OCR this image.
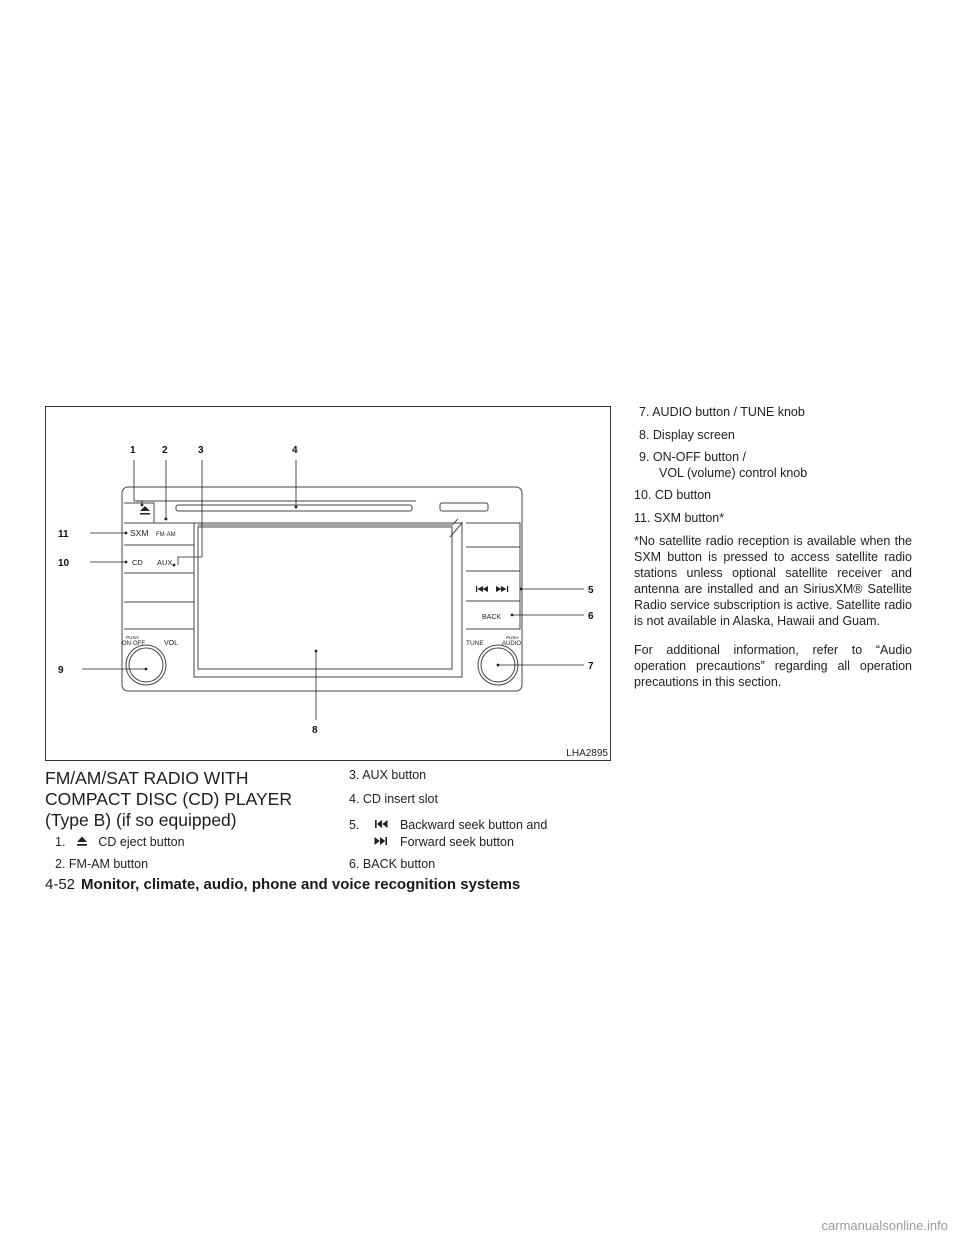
SXM FM·AM
CD AUX
BACK
PUSH
ON·OFF	VOL	TUNE
PUSH
AUDIO
1	2	3	4
5
6
7
8
9
10
11
LHA2895
FM/AM/SAT RADIO WITH
COMPACT DISC (CD) PLAYER
(Type B) (if so equipped)
1.	CD eject button
2. FM-AM button
3. AUX button
4. CD insert slot
5.	Backward seek button and
Forward seek button
6. BACK button
7. AUDIO button / TUNE knob
8. Display screen
9. ON-OFF button /
VOL (volume) control knob
10. CD button
11. SXM button*

*No satellite radio reception is available when the SXM button is pressed to access satellite radio stations unless optional satellite receiver and antenna are installed and an SiriusXM® Satellite Radio service subscription is active. Satellite radio is not available in Alaska, Hawaii and Guam.

For additional information, refer to “Audio operation precautions” regarding all operation precautions in this section.

4-52 Monitor, climate, audio, phone and voice recognition systems
carmanualsonline.info
